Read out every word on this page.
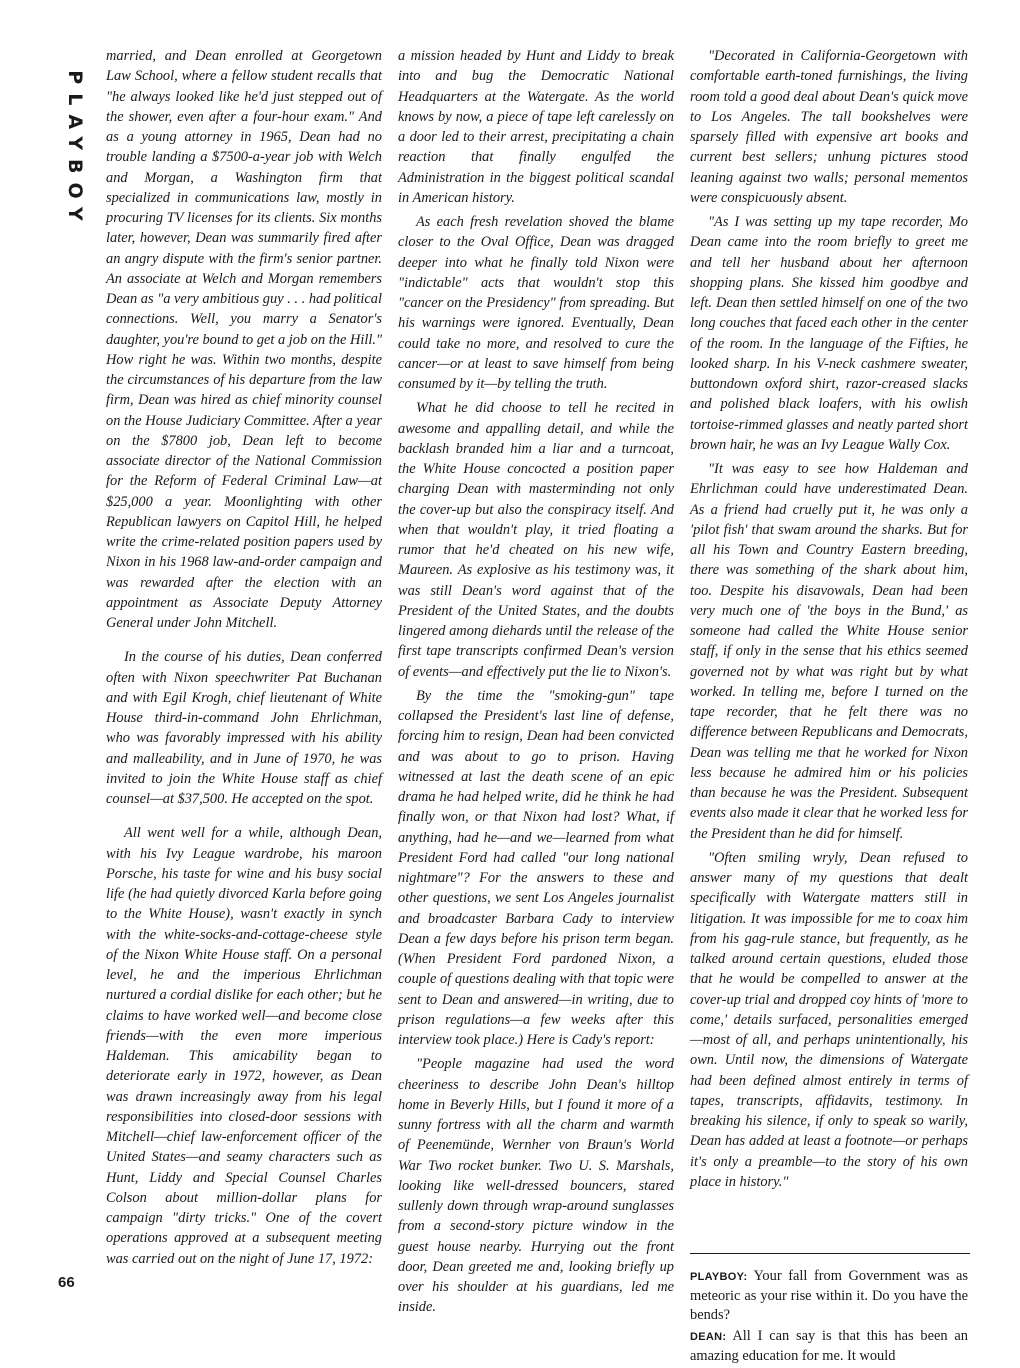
PLAYBOY

married, and Dean enrolled at Georgetown Law School, where a fellow student recalls that "he always looked like he'd just stepped out of the shower, even after a four-hour exam." And as a young attorney in 1965, Dean had no trouble landing a $7500-a-year job with Welch and Morgan, a Washington firm that specialized in communications law, mostly in procuring TV licenses for its clients. Six months later, however, Dean was summarily fired after an angry dispute with the firm's senior partner. An associate at Welch and Morgan remembers Dean as "a very ambitious guy . . . had political connections. Well, you marry a Senator's daughter, you're bound to get a job on the Hill." How right he was. Within two months, despite the circumstances of his departure from the law firm, Dean was hired as chief minority counsel on the House Judiciary Committee. After a year on the $7800 job, Dean left to become associate director of the National Commission for the Reform of Federal Criminal Law—at $25,000 a year. Moonlighting with other Republican lawyers on Capitol Hill, he helped write the crime-related position papers used by Nixon in his 1968 law-and-order campaign and was rewarded after the election with an appointment as Associate Deputy Attorney General under John Mitchell.

In the course of his duties, Dean conferred often with Nixon speechwriter Pat Buchanan and with Egil Krogh, chief lieutenant of White House third-in-command John Ehrlichman, who was favorably impressed with his ability and malleability, and in June of 1970, he was invited to join the White House staff as chief counsel—at $37,500. He accepted on the spot.

All went well for a while, although Dean, with his Ivy League wardrobe, his maroon Porsche, his taste for wine and his busy social life (he had quietly divorced Karla before going to the White House), wasn't exactly in synch with the white-socks-and-cottage-cheese style of the Nixon White House staff. On a personal level, he and the imperious Ehrlichman nurtured a cordial dislike for each other; but he claims to have worked well—and become close friends—with the even more imperious Haldeman. This amicability began to deteriorate early in 1972, however, as Dean was drawn increasingly away from his legal responsibilities into closed-door sessions with Mitchell—chief law-enforcement officer of the United States—and seamy characters such as Hunt, Liddy and Special Counsel Charles Colson about million-dollar plans for campaign "dirty tricks." One of the covert operations approved at a subsequent meeting was carried out on the night of June 17, 1972:

a mission headed by Hunt and Liddy to break into and bug the Democratic National Headquarters at the Watergate. As the world knows by now, a piece of tape left carelessly on a door led to their arrest, precipitating a chain reaction that finally engulfed the Administration in the biggest political scandal in American history.

As each fresh revelation shoved the blame closer to the Oval Office, Dean was dragged deeper into what he finally told Nixon were "indictable" acts that wouldn't stop this "cancer on the Presidency" from spreading. But his warnings were ignored. Eventually, Dean could take no more, and resolved to cure the cancer—or at least to save himself from being consumed by it—by telling the truth.

What he did choose to tell he recited in awesome and appalling detail, and while the backlash branded him a liar and a turncoat, the White House concocted a position paper charging Dean with masterminding not only the cover-up but also the conspiracy itself. And when that wouldn't play, it tried floating a rumor that he'd cheated on his new wife, Maureen. As explosive as his testimony was, it was still Dean's word against that of the President of the United States, and the doubts lingered among diehards until the release of the first tape transcripts confirmed Dean's version of events—and effectively put the lie to Nixon's.

By the time the "smoking-gun" tape collapsed the President's last line of defense, forcing him to resign, Dean had been convicted and was about to go to prison. Having witnessed at last the death scene of an epic drama he had helped write, did he think he had finally won, or that Nixon had lost? What, if anything, had he—and we—learned from what President Ford had called "our long national nightmare"? For the answers to these and other questions, we sent Los Angeles journalist and broadcaster Barbara Cady to interview Dean a few days before his prison term began. (When President Ford pardoned Nixon, a couple of questions dealing with that topic were sent to Dean and answered—in writing, due to prison regulations—a few weeks after this interview took place.) Here is Cady's report:

"People magazine had used the word cheeriness to describe John Dean's hilltop home in Beverly Hills, but I found it more of a sunny fortress with all the charm and warmth of Peenemünde, Wernher von Braun's World War Two rocket bunker. Two U. S. Marshals, looking like well-dressed bouncers, stared sullenly down through wrap-around sunglasses from a second-story picture window in the guest house nearby. Hurrying out the front door, Dean greeted me and, looking briefly up over his shoulder at his guardians, led me inside.

"Decorated in California-Georgetown with comfortable earth-toned furnishings, the living room told a good deal about Dean's quick move to Los Angeles. The tall bookshelves were sparsely filled with expensive art books and current best sellers; unhung pictures stood leaning against two walls; personal mementos were conspicuously absent.

"As I was setting up my tape recorder, Mo Dean came into the room briefly to greet me and tell her husband about her afternoon shopping plans. She kissed him goodbye and left. Dean then settled himself on one of the two long couches that faced each other in the center of the room. In the language of the Fifties, he looked sharp. In his V-neck cashmere sweater, buttondown oxford shirt, razor-creased slacks and polished black loafers, with his owlish tortoise-rimmed glasses and neatly parted short brown hair, he was an Ivy League Wally Cox.

"It was easy to see how Haldeman and Ehrlichman could have underestimated Dean. As a friend had cruelly put it, he was only a 'pilot fish' that swam around the sharks. But for all his Town and Country Eastern breeding, there was something of the shark about him, too. Despite his disavowals, Dean had been very much one of 'the boys in the Bund,' as someone had called the White House senior staff, if only in the sense that his ethics seemed governed not by what was right but by what worked. In telling me, before I turned on the tape recorder, that he felt there was no difference between Republicans and Democrats, Dean was telling me that he worked for Nixon less because he admired him or his policies than because he was the President. Subsequent events also made it clear that he worked less for the President than he did for himself.

"Often smiling wryly, Dean refused to answer many of my questions that dealt specifically with Watergate matters still in litigation. It was impossible for me to coax him from his gag-rule stance, but frequently, as he talked around certain questions, eluded those that he would be compelled to answer at the cover-up trial and dropped coy hints of 'more to come,' details surfaced, personalities emerged—most of all, and perhaps unintentionally, his own. Until now, the dimensions of Watergate had been defined almost entirely in terms of tapes, transcripts, affidavits, testimony. In breaking his silence, if only to speak so warily, Dean has added at least a footnote—or perhaps it's only a preamble—to the story of his own place in history."

PLAYBOY: Your fall from Government was as meteoric as your rise within it. Do you have the bends?

DEAN: All I can say is that this has been an amazing education for me. It would

66
